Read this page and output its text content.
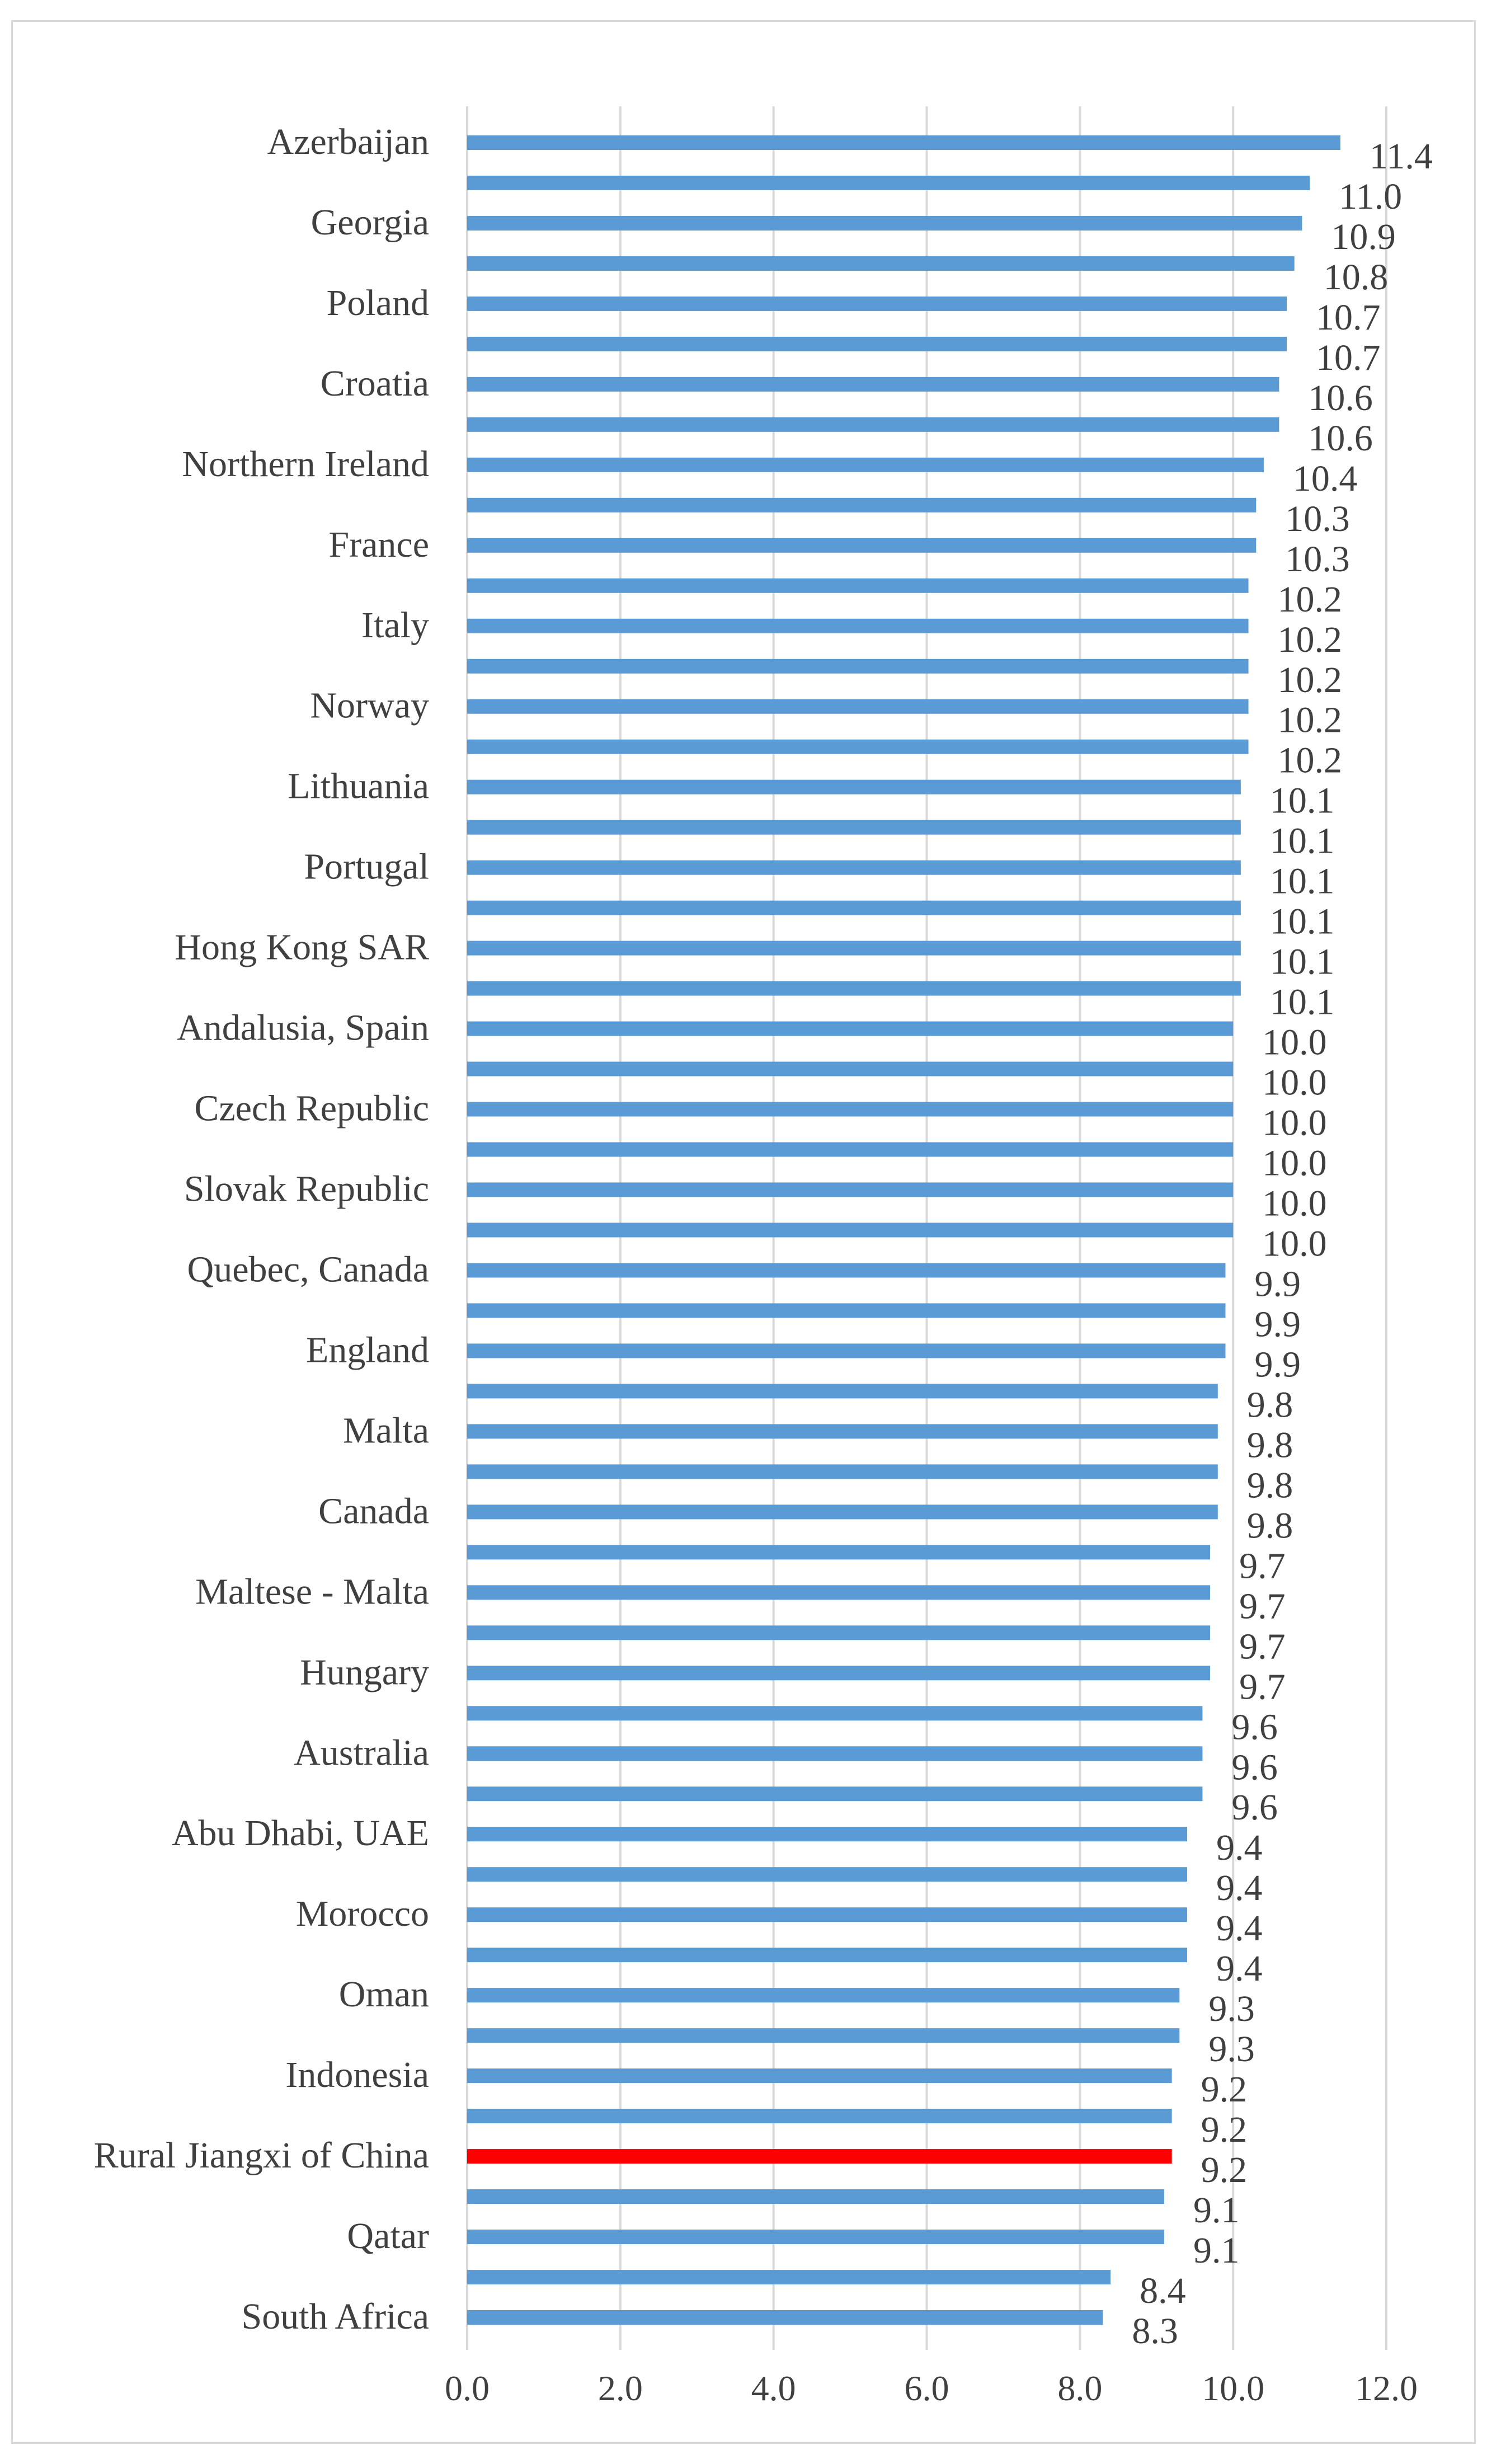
11.4
11.0
10.9
10.8
10.7
10.7
10.6
10.6
10.4
10.3
10.3
10.2
10.2
10.2
10.2
10.2
10.1
10.1
10.1
10.1
10.1
10.1
10.0
10.0
10.0
10.0
10.0
10.0
9.9
9.9
9.9
9.8
9.8
9.8
9.8
9.7
9.7
9.7
9.7
9.6
9.6
9.6
9.4
9.4
9.4
9.4
9.3
9.3
9.2
9.2
9.2
9.1
9.1
8.4
8.3
Azerbaijan
Georgia
Poland
Croatia
Northern Ireland
France
Italy
Norway
Lithuania
Portugal
Hong Kong SAR
Andalusia, Spain
Czech Republic
Slovak Republic
Quebec, Canada
England
Malta
Canada
Maltese - Malta
Hungary
Australia
Abu Dhabi, UAE
Morocco
Oman
Indonesia
Rural Jiangxi of China
Qatar
South Africa
0.0	2.0	4.0	6.0	8.0	10.0	12.0
